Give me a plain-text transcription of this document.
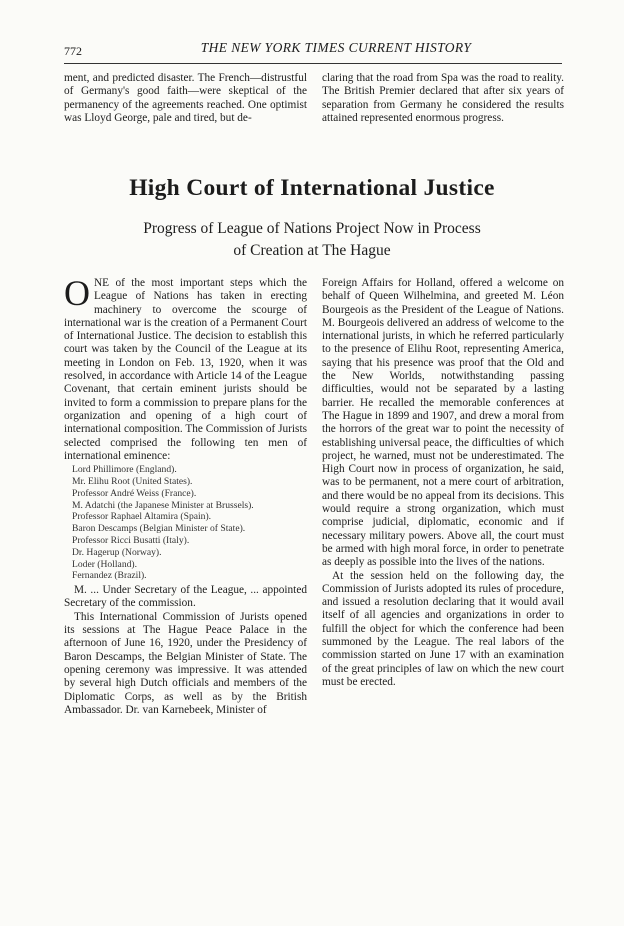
772	THE NEW YORK TIMES CURRENT HISTORY

ment, and predicted disaster. The French—distrustful of Germany's good faith—were skeptical of the permanency of the agreements reached. One optimist was Lloyd George, pale and tired, but de-

claring that the road from Spa was the road to reality. The British Premier declared that after six years of separation from Germany he considered the results attained represented enormous progress.

High Court of International Justice
Progress of League of Nations Project Now in Process
of Creation at The Hague

ONE of the most important steps which the League of Nations has taken in erecting machinery to overcome the scourge of international war is the creation of a Permanent Court of International Justice. The decision to establish this court was taken by the Council of the League at its meeting in London on Feb. 13, 1920, when it was resolved, in accordance with Article 14 of the League Covenant, that certain eminent jurists should be invited to form a commission to prepare plans for the organization and opening of a high court of international composition. The Commission of Jurists selected comprised the following ten men of international eminence:

Lord Phillimore (England).
Mr. Elihu Root (United States).
Professor André Weiss (France).
M. Adatchi (the Japanese Minister at Brussels).
Professor Raphael Altamira (Spain).
Baron Descamps (Belgian Minister of State).
Professor Ricci Busatti (Italy).
Dr. Hagerup (Norway).
Loder (Holland).
Fernandez (Brazil).

M. ... Under Secretary of the League, ... appointed Secretary of the commission.

This International Commission of Jurists opened its sessions at The Hague Peace Palace in the afternoon of June 16, 1920, under the Presidency of Baron Descamps, the Belgian Minister of State. The opening ceremony was impressive. It was attended by several high Dutch officials and members of the Diplomatic Corps, as well as by the British Ambassador. Dr. van Karnebeek, Minister of

Foreign Affairs for Holland, offered a welcome on behalf of Queen Wilhelmina, and greeted M. Léon Bourgeois as the President of the League of Nations. M. Bourgeois delivered an address of welcome to the international jurists, in which he referred particularly to the presence of Elihu Root, representing America, saying that his presence was proof that the Old and the New Worlds, notwithstanding passing difficulties, would not be separated by a lasting barrier. He recalled the memorable conferences at The Hague in 1899 and 1907, and drew a moral from the horrors of the great war to point the necessity of establishing universal peace, the difficulties of which project, he warned, must not be underestimated. The High Court now in process of organization, he said, was to be permanent, not a mere court of arbitration, and there would be no appeal from its decisions. This would require a strong organization, which must comprise judicial, diplomatic, economic and if necessary military powers. Above all, the court must be armed with high moral force, in order to penetrate as deeply as possible into the lives of the nations.

At the session held on the following day, the Commission of Jurists adopted its rules of procedure, and issued a resolution declaring that it would avail itself of all agencies and organizations in order to fulfill the object for which the conference had been summoned by the League. The real labors of the commission started on June 17 with an examination of the great principles of law on which the new court must be erected.
